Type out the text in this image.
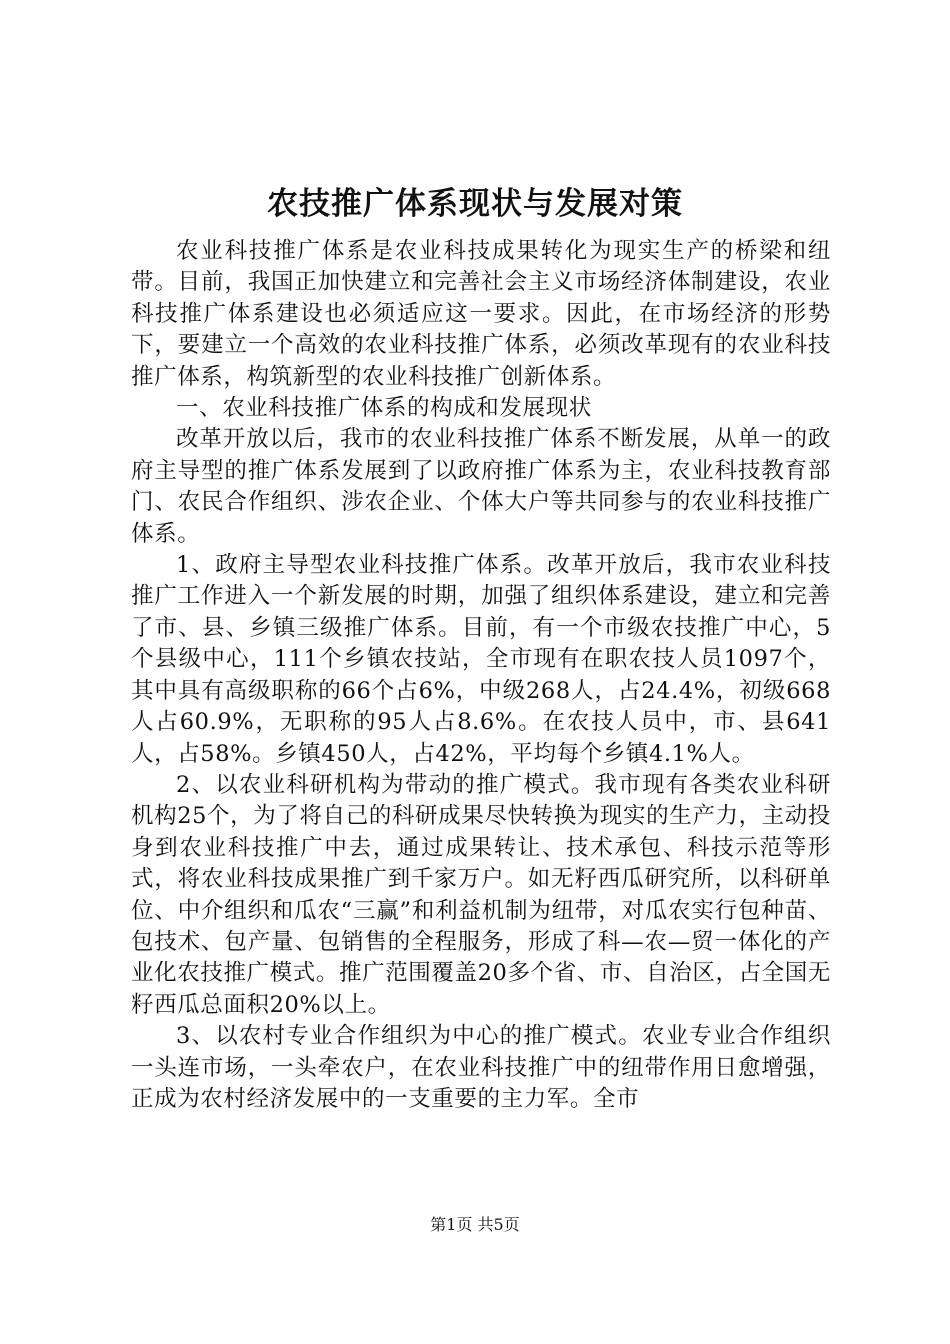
农技推广体系现状与发展对策

农业科技推广体系是农业科技成果转化为现实生产的桥梁和纽带。目前，我国正加快建立和完善社会主义市场经济体制建设，农业科技推广体系建设也必须适应这一要求。因此，在市场经济的形势下，要建立一个高效的农业科技推广体系，必须改革现有的农业科技推广体系，构筑新型的农业科技推广创新体系。

一、农业科技推广体系的构成和发展现状

改革开放以后，我市的农业科技推广体系不断发展，从单一的政府主导型的推广体系发展到了以政府推广体系为主，农业科技教育部门、农民合作组织、涉农企业、个体大户等共同参与的农业科技推广体系。

1、政府主导型农业科技推广体系。改革开放后，我市农业科技推广工作进入一个新发展的时期，加强了组织体系建设，建立和完善了市、县、乡镇三级推广体系。目前，有一个市级农技推广中心，5个县级中心，111个乡镇农技站，全市现有在职农技人员1097个，其中具有高级职称的66个占6%，中级268人，占24.4%，初级668人占60.9%，无职称的95人占8.6%。在农技人员中，市、县641人，占58%。乡镇450人，占42%，平均每个乡镇4.1%人。

2、以农业科研机构为带动的推广模式。我市现有各类农业科研机构25个，为了将自己的科研成果尽快转换为现实的生产力，主动投身到农业科技推广中去，通过成果转让、技术承包、科技示范等形式，将农业科技成果推广到千家万户。如无籽西瓜研究所，以科研单位、中介组织和瓜农“三赢”和利益机制为纽带，对瓜农实行包种苗、包技术、包产量、包销售的全程服务，形成了科—农—贸一体化的产业化农技推广模式。推广范围覆盖20多个省、市、自治区，占全国无籽西瓜总面积20%以上。

3、以农村专业合作组织为中心的推广模式。农业专业合作组织一头连市场，一头牵农户，在农业科技推广中的纽带作用日愈增强，正成为农村经济发展中的一支重要的主力军。全市

第1页 共5页
